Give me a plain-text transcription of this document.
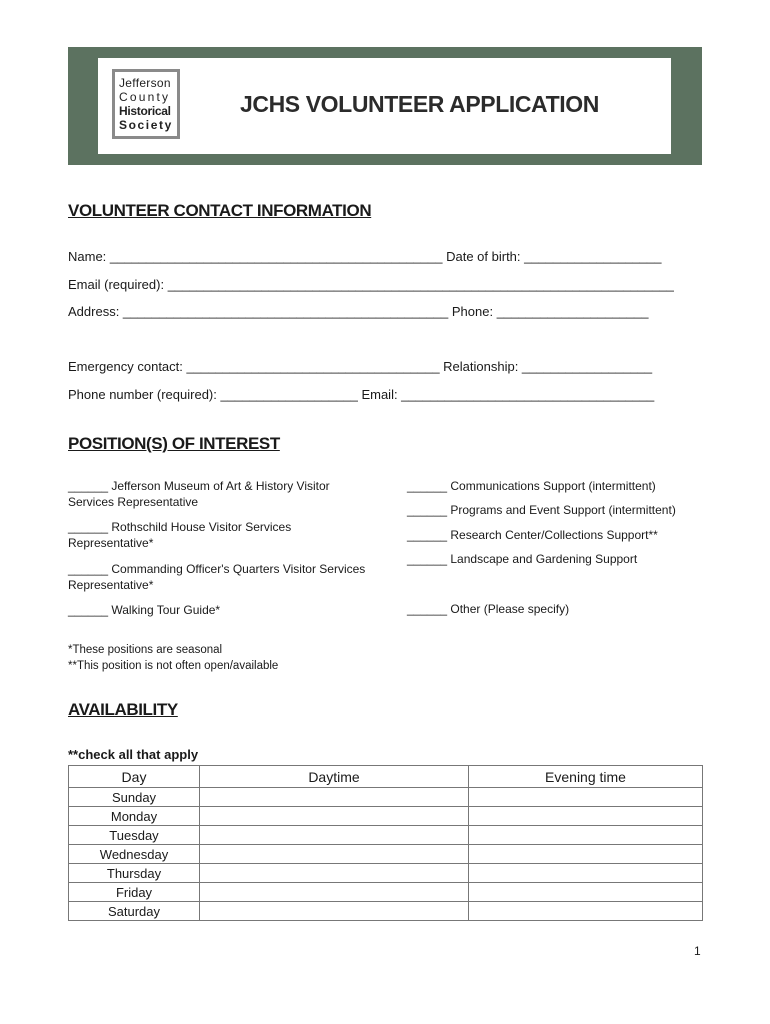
Jefferson
County
Historical
Society
JCHS VOLUNTEER APPLICATION
VOLUNTEER CONTACT INFORMATION
Name: ______________________________________________ Date of birth: ___________________
Email (required): ______________________________________________________________________
Address: _____________________________________________ Phone: _____________________
Emergency contact: ___________________________________ Relationship: __________________
Phone number (required): ___________________ Email: ___________________________________
POSITION(S) OF INTEREST
______ Jefferson Museum of Art & History Visitor Services Representative
______ Rothschild House Visitor Services Representative*
______ Commanding Officer's Quarters Visitor Services Representative*
______ Walking Tour Guide*
______ Communications Support (intermittent)
______ Programs and Event Support (intermittent)
______ Research Center/Collections Support**
______ Landscape and Gardening Support
______ Other (Please specify)
*These positions are seasonal
**This position is not often open/available
AVAILABILITY
**check all that apply
Day	Daytime	Evening time
Sunday		
Monday		
Tuesday		
Wednesday		
Thursday		
Friday		
Saturday		
1
